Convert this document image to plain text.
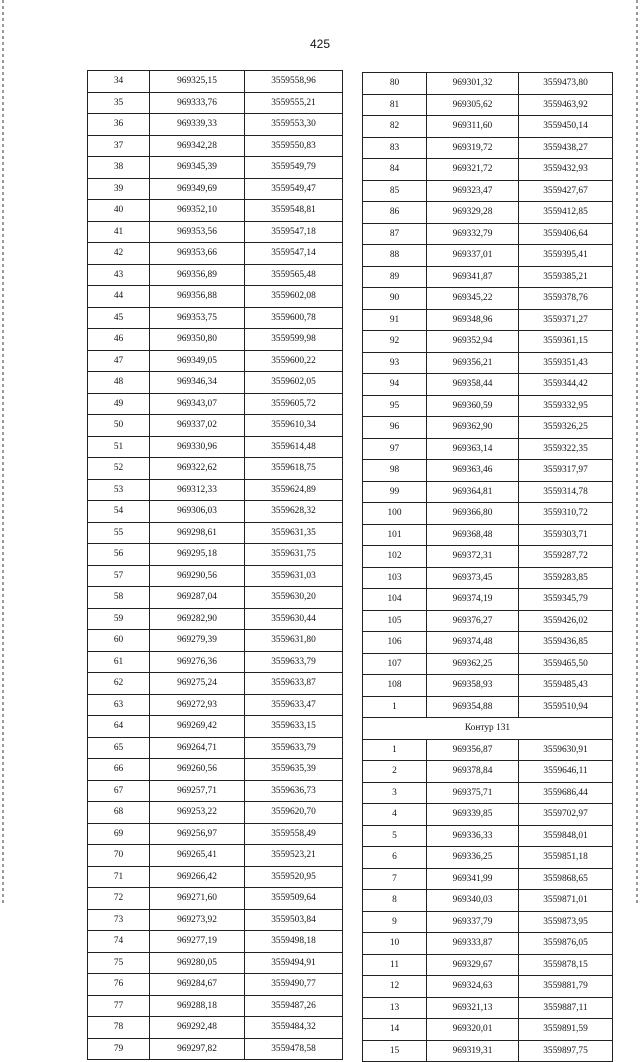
425
34	969325,15	3559558,96
35	969333,76	3559555,21
36	969339,33	3559553,30
37	969342,28	3559550,83
38	969345,39	3559549,79
39	969349,69	3559549,47
40	969352,10	3559548,81
41	969353,56	3559547,18
42	969353,66	3559547,14
43	969356,89	3559565,48
44	969356,88	3559602,08
45	969353,75	3559600,78
46	969350,80	3559599,98
47	969349,05	3559600,22
48	969346,34	3559602,05
49	969343,07	3559605,72
50	969337,02	3559610,34
51	969330,96	3559614,48
52	969322,62	3559618,75
53	969312,33	3559624,89
54	969306,03	3559628,32
55	969298,61	3559631,35
56	969295,18	3559631,75
57	969290,56	3559631,03
58	969287,04	3559630,20
59	969282,90	3559630,44
60	969279,39	3559631,80
61	969276,36	3559633,79
62	969275,24	3559633,87
63	969272,93	3559633,47
64	969269,42	3559633,15
65	969264,71	3559633,79
66	969260,56	3559635,39
67	969257,71	3559636,73
68	969253,22	3559620,70
69	969256,97	3559558,49
70	969265,41	3559523,21
71	969266,42	3559520,95
72	969271,60	3559509,64
73	969273,92	3559503,84
74	969277,19	3559498,18
75	969280,05	3559494,91
76	969284,67	3559490,77
77	969288,18	3559487,26
78	969292,48	3559484,32
79	969297,82	3559478,58
80	969301,32	3559473,80
81	969305,62	3559463,92
82	969311,60	3559450,14
83	969319,72	3559438,27
84	969321,72	3559432,93
85	969323,47	3559427,67
86	969329,28	3559412,85
87	969332,79	3559406,64
88	969337,01	3559395,41
89	969341,87	3559385,21
90	969345,22	3559378,76
91	969348,96	3559371,27
92	969352,94	3559361,15
93	969356,21	3559351,43
94	969358,44	3559344,42
95	969360,59	3559332,95
96	969362,90	3559326,25
97	969363,14	3559322,35
98	969363,46	3559317,97
99	969364,81	3559314,78
100	969366,80	3559310,72
101	969368,48	3559303,71
102	969372,31	3559287,72
103	969373,45	3559283,85
104	969374,19	3559345,79
105	969376,27	3559426,02
106	969374,48	3559436,85
107	969362,25	3559465,50
108	969358,93	3559485,43
1	969354,88	3559510,94
Контур 131		
1	969356,87	3559630,91
2	969378,84	3559646,11
3	969375,71	3559686,44
4	969339,85	3559702,97
5	969336,33	3559848,01
6	969336,25	3559851,18
7	969341,99	3559868,65
8	969340,03	3559871,01
9	969337,79	3559873,95
10	969333,87	3559876,05
11	969329,67	3559878,15
12	969324,63	3559881,79
13	969321,13	3559887,11
14	969320,01	3559891,59
15	969319,31	3559897,75
